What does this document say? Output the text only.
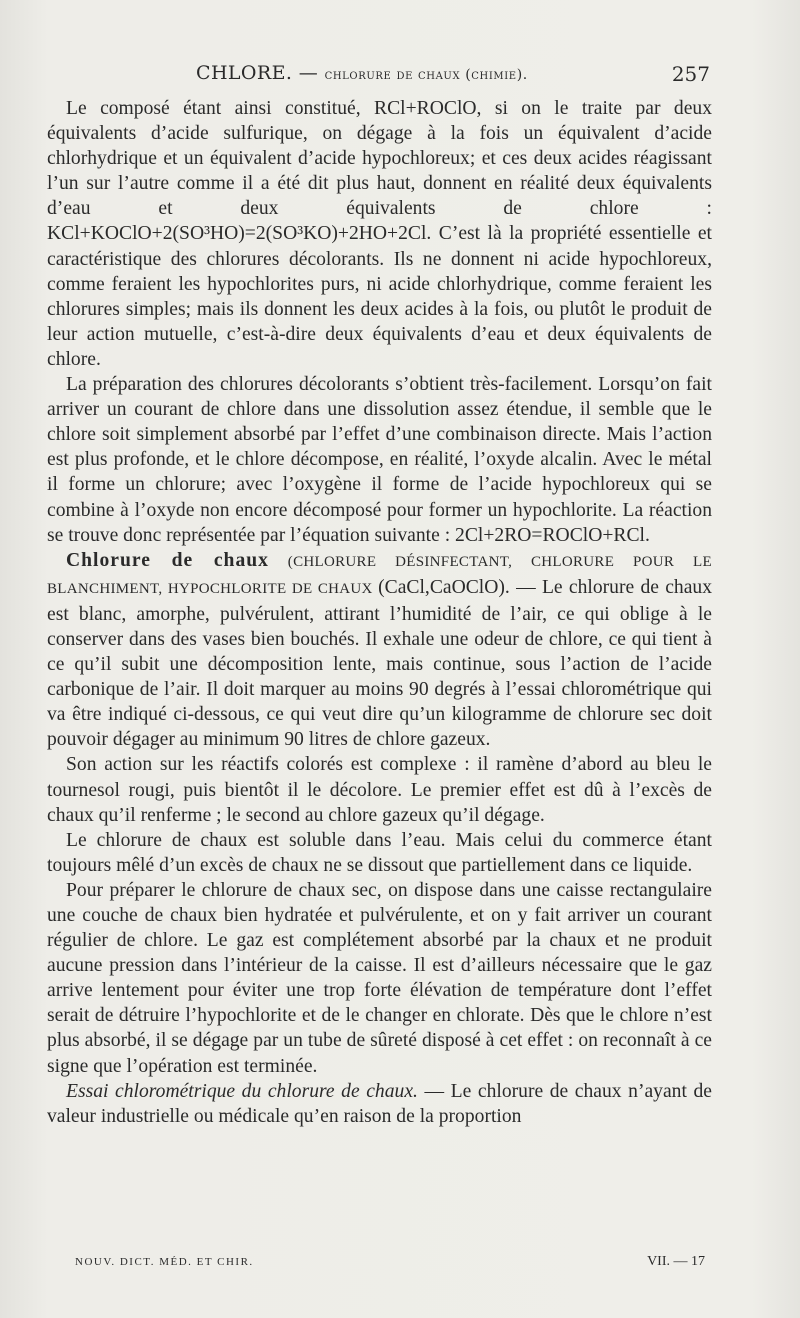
CHLORE. — chlorure de chaux (chimie).	257

Le composé étant ainsi constitué, RCl+ROClO, si on le traite par deux équivalents d’acide sulfurique, on dégage à la fois un équivalent d’acide chlorhydrique et un équivalent d’acide hypochloreux; et ces deux acides réagissant l’un sur l’autre comme il a été dit plus haut, donnent en réalité deux équivalents d’eau et deux équivalents de chlore : KCl+KOClO+2(SO³HO)=2(SO³KO)+2HO+2Cl. C’est là la propriété essentielle et caractéristique des chlorures décolorants. Ils ne donnent ni acide hypochloreux, comme feraient les hypochlorites purs, ni acide chlorhydrique, comme feraient les chlorures simples; mais ils donnent les deux acides à la fois, ou plutôt le produit de leur action mutuelle, c’est-à-dire deux équivalents d’eau et deux équivalents de chlore.

La préparation des chlorures décolorants s’obtient très-facilement. Lorsqu’on fait arriver un courant de chlore dans une dissolution assez étendue, il semble que le chlore soit simplement absorbé par l’effet d’une combinaison directe. Mais l’action est plus profonde, et le chlore décompose, en réalité, l’oxyde alcalin. Avec le métal il forme un chlorure; avec l’oxygène il forme de l’acide hypochloreux qui se combine à l’oxyde non encore décomposé pour former un hypochlorite. La réaction se trouve donc représentée par l’équation suivante : 2Cl+2RO=ROClO+RCl.

Chlorure de chaux (CHLORURE DÉSINFECTANT, CHLORURE POUR LE BLANCHIMENT, HYPOCHLORITE DE CHAUX (CaCl,CaOClO). — Le chlorure de chaux est blanc, amorphe, pulvérulent, attirant l’humidité de l’air, ce qui oblige à le conserver dans des vases bien bouchés. Il exhale une odeur de chlore, ce qui tient à ce qu’il subit une décomposition lente, mais continue, sous l’action de l’acide carbonique de l’air. Il doit marquer au moins 90 degrés à l’essai chlorométrique qui va être indiqué ci-dessous, ce qui veut dire qu’un kilogramme de chlorure sec doit pouvoir dégager au minimum 90 litres de chlore gazeux.

Son action sur les réactifs colorés est complexe : il ramène d’abord au bleu le tournesol rougi, puis bientôt il le décolore. Le premier effet est dû à l’excès de chaux qu’il renferme ; le second au chlore gazeux qu’il dégage.

Le chlorure de chaux est soluble dans l’eau. Mais celui du commerce étant toujours mêlé d’un excès de chaux ne se dissout que partiellement dans ce liquide.

Pour préparer le chlorure de chaux sec, on dispose dans une caisse rectangulaire une couche de chaux bien hydratée et pulvérulente, et on y fait arriver un courant régulier de chlore. Le gaz est complétement absorbé par la chaux et ne produit aucune pression dans l’intérieur de la caisse. Il est d’ailleurs nécessaire que le gaz arrive lentement pour éviter une trop forte élévation de température dont l’effet serait de détruire l’hypochlorite et de le changer en chlorate. Dès que le chlore n’est plus absorbé, il se dégage par un tube de sûreté disposé à cet effet : on reconnaît à ce signe que l’opération est terminée.

Essai chlorométrique du chlorure de chaux. — Le chlorure de chaux n’ayant de valeur industrielle ou médicale qu’en raison de la proportion

NOUV. DICT. MÉD. ET CHIR.	VII. — 17
